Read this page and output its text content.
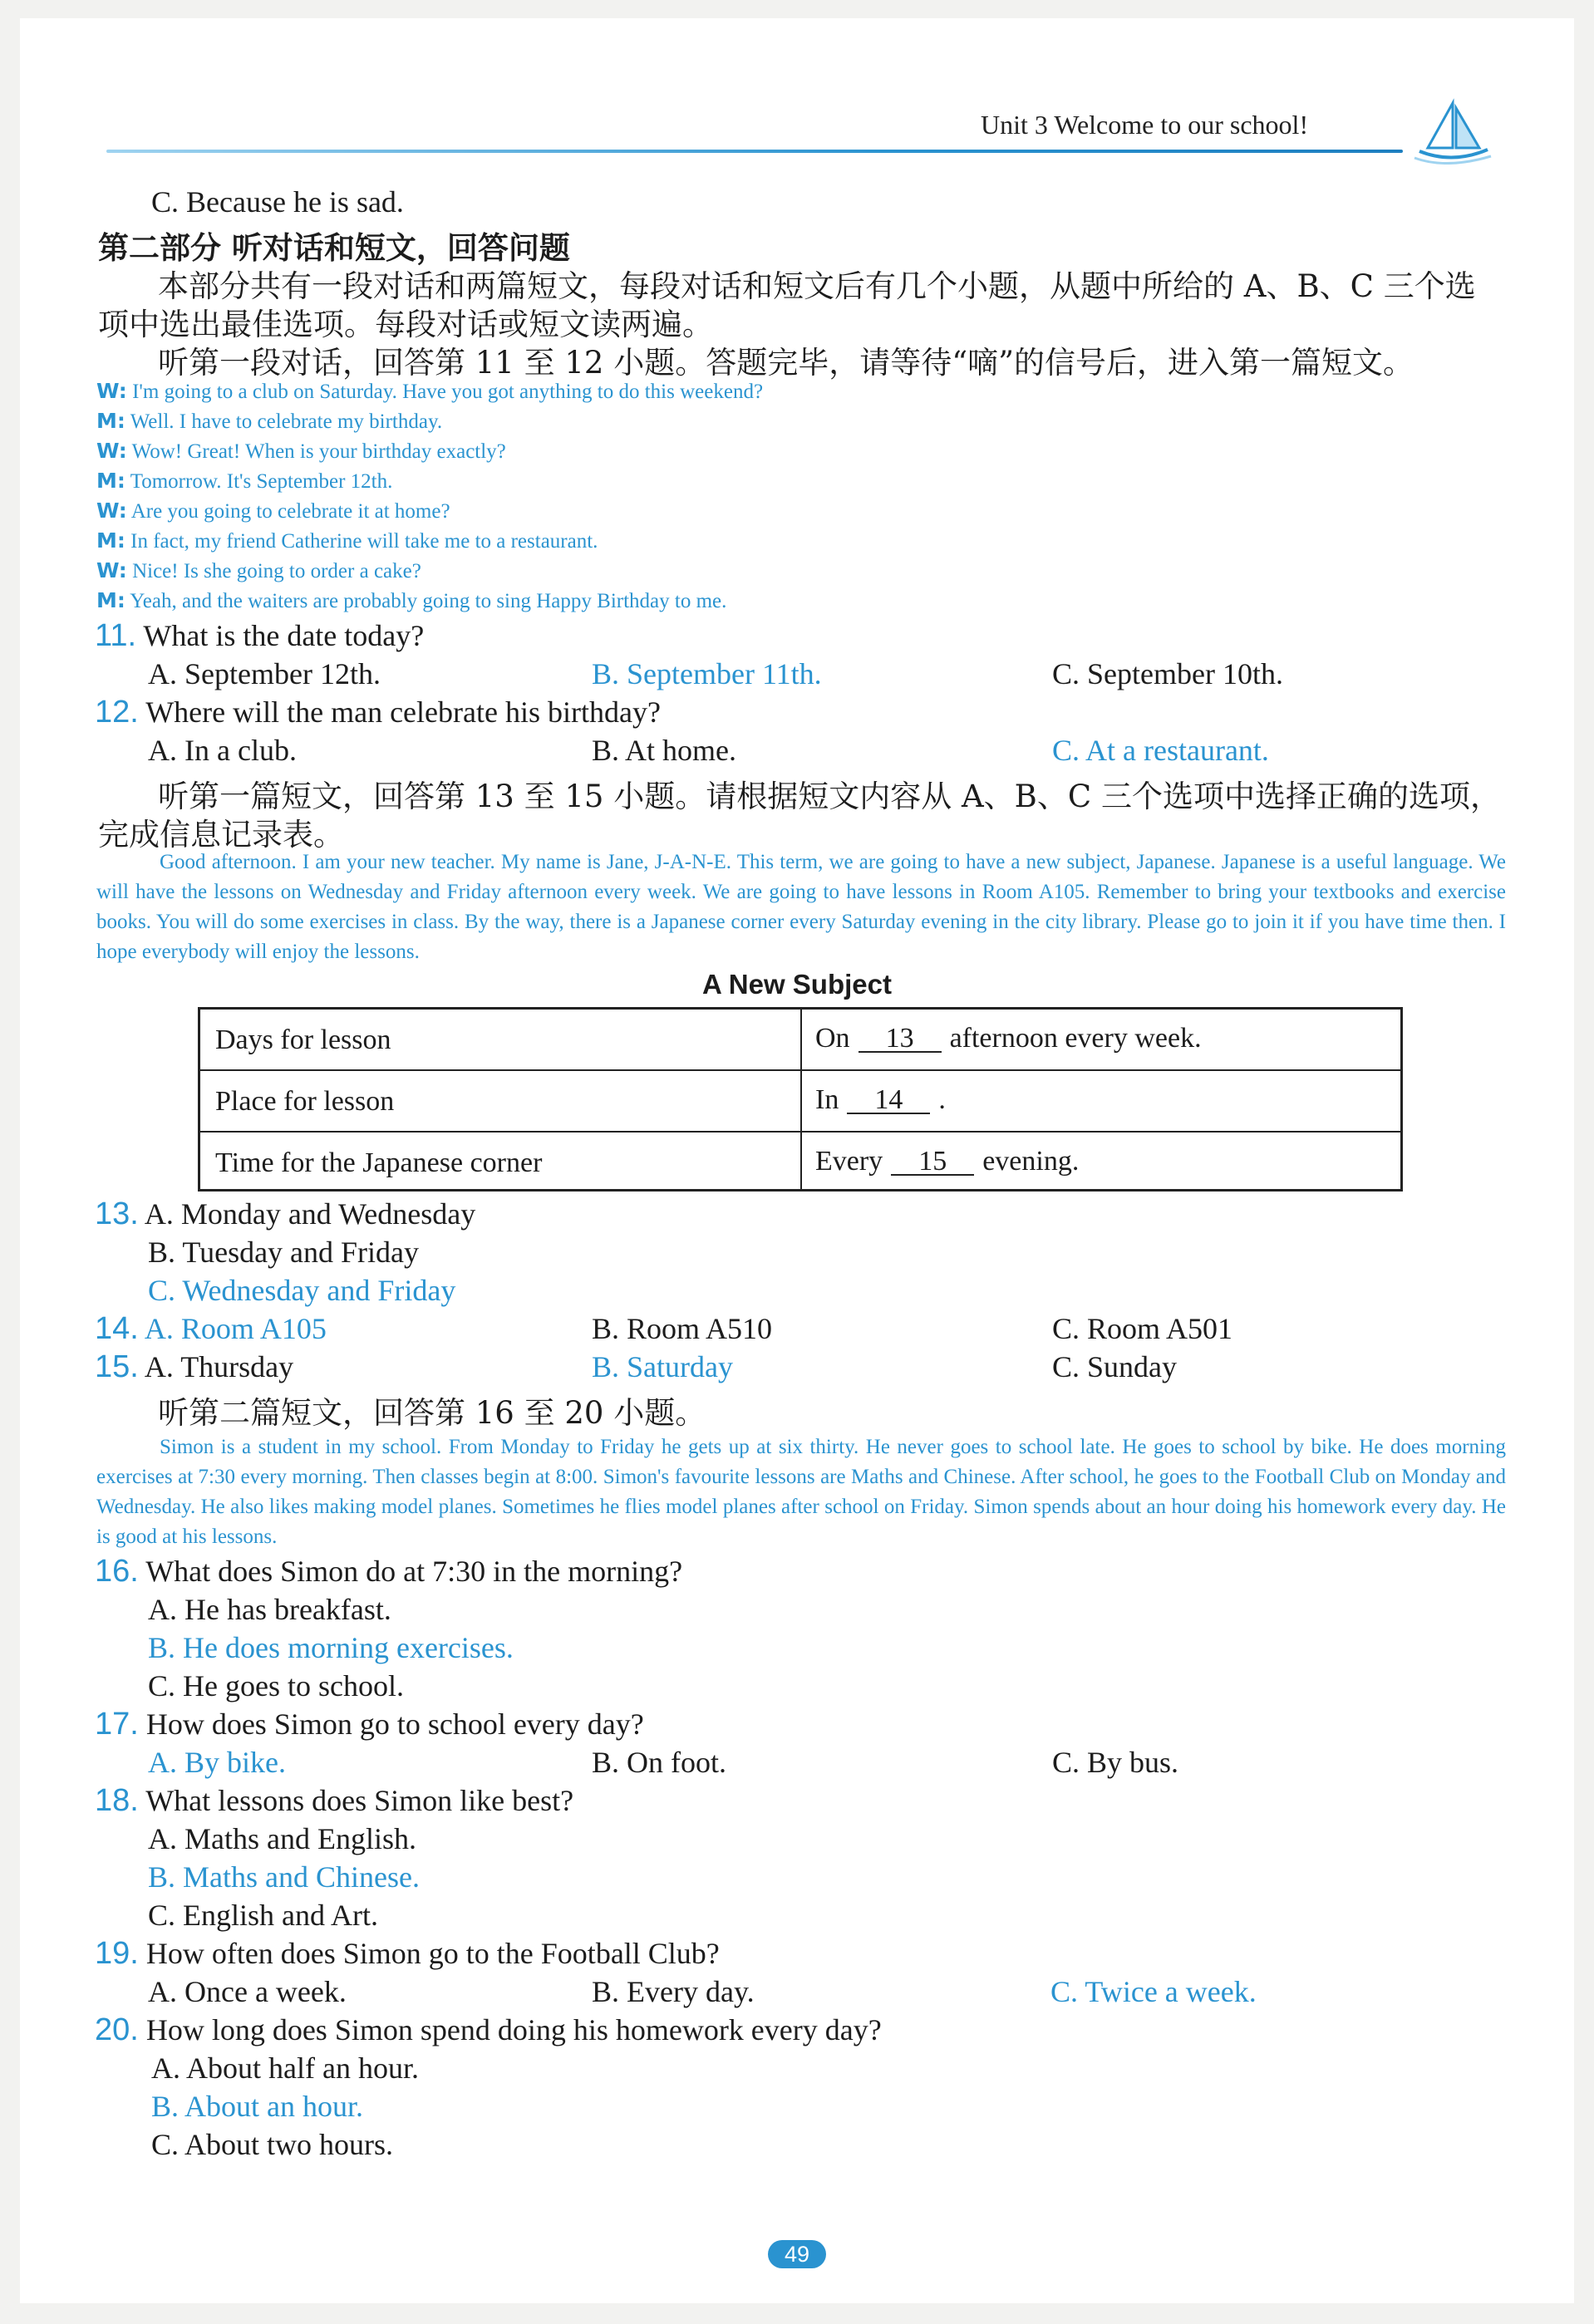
Unit 3 Welcome to our school!
C. Because he is sad.
第二部分 听对话和短文，回答问题
本部分共有一段对话和两篇短文，每段对话和短文后有几个小题，从题中所给的 A、B、C 三个选
项中选出最佳选项。每段对话或短文读两遍。
听第一段对话，回答第 11 至 12 小题。答题完毕，请等待“嘀”的信号后，进入第一篇短文。
W: I'm going to a club on Saturday. Have you got anything to do this weekend?
M: Well. I have to celebrate my birthday.
W: Wow! Great! When is your birthday exactly?
M: Tomorrow. It's September 12th.
W: Are you going to celebrate it at home?
M: In fact, my friend Catherine will take me to a restaurant.
W: Nice! Is she going to order a cake?
M: Yeah, and the waiters are probably going to sing Happy Birthday to me.
11. What is the date today?
A. September 12th.	B. September 11th.	C. September 10th.
12. Where will the man celebrate his birthday?
A. In a club.	B. At home.	C. At a restaurant.
听第一篇短文，回答第 13 至 15 小题。请根据短文内容从 A、B、C 三个选项中选择正确的选项，
完成信息记录表。
Good afternoon. I am your new teacher. My name is Jane, J-A-N-E. This term, we are going to have a new subject, Japanese. Japanese is a useful language. We will have the lessons on Wednesday and Friday afternoon every week. We are going to have lessons in Room A105. Remember to bring your textbooks and exercise books. You will do some exercises in class. By the way, there is a Japanese corner every Saturday evening in the city library. Please go to join it if you have time then. I hope everybody will enjoy the lessons.
A New Subject
Days for lesson	On 13 afternoon every week.
Place for lesson	In 14 .
Time for the Japanese corner	Every 15 evening.
13. A. Monday and Wednesday
B. Tuesday and Friday
C. Wednesday and Friday
14. A. Room A105	B. Room A510	C. Room A501
15. A. Thursday	B. Saturday	C. Sunday
听第二篇短文，回答第 16 至 20 小题。
Simon is a student in my school. From Monday to Friday he gets up at six thirty. He never goes to school late. He goes to school by bike. He does morning exercises at 7:30 every morning. Then classes begin at 8:00. Simon's favourite lessons are Maths and Chinese. After school, he goes to the Football Club on Monday and Wednesday. He also likes making model planes. Sometimes he flies model planes after school on Friday. Simon spends about an hour doing his homework every day. He is good at his lessons.
16. What does Simon do at 7:30 in the morning?
A. He has breakfast.
B. He does morning exercises.
C. He goes to school.
17. How does Simon go to school every day?
A. By bike.	B. On foot.	C. By bus.
18. What lessons does Simon like best?
A. Maths and English.
B. Maths and Chinese.
C. English and Art.
19. How often does Simon go to the Football Club?
A. Once a week.	B. Every day.	C. Twice a week.
20. How long does Simon spend doing his homework every day?
A. About half an hour.
B. About an hour.
C. About two hours.
49
